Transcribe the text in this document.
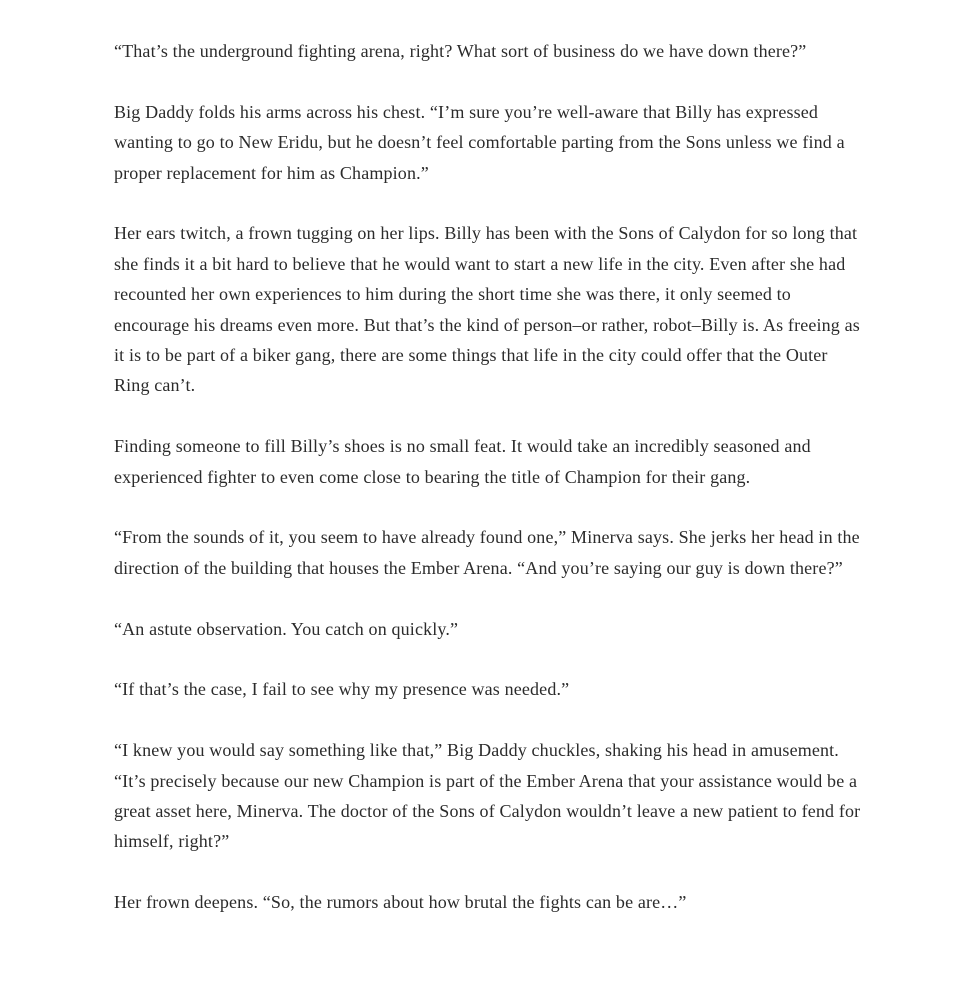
“That’s the underground fighting arena, right? What sort of business do we have down there?”

Big Daddy folds his arms across his chest. “I’m sure you’re well-aware that Billy has expressed wanting to go to New Eridu, but he doesn’t feel comfortable parting from the Sons unless we find a proper replacement for him as Champion.”

Her ears twitch, a frown tugging on her lips. Billy has been with the Sons of Calydon for so long that she finds it a bit hard to believe that he would want to start a new life in the city. Even after she had recounted her own experiences to him during the short time she was there, it only seemed to encourage his dreams even more. But that’s the kind of person–or rather, robot–Billy is. As freeing as it is to be part of a biker gang, there are some things that life in the city could offer that the Outer Ring can’t.

Finding someone to fill Billy’s shoes is no small feat. It would take an incredibly seasoned and experienced fighter to even come close to bearing the title of Champion for their gang.

“From the sounds of it, you seem to have already found one,” Minerva says. She jerks her head in the direction of the building that houses the Ember Arena. “And you’re saying our guy is down there?”

“An astute observation. You catch on quickly.”

“If that’s the case, I fail to see why my presence was needed.”

“I knew you would say something like that,” Big Daddy chuckles, shaking his head in amusement. “It’s precisely because our new Champion is part of the Ember Arena that your assistance would be a great asset here, Minerva. The doctor of the Sons of Calydon wouldn’t leave a new patient to fend for himself, right?”

Her frown deepens. “So, the rumors about how brutal the fights can be are…”
